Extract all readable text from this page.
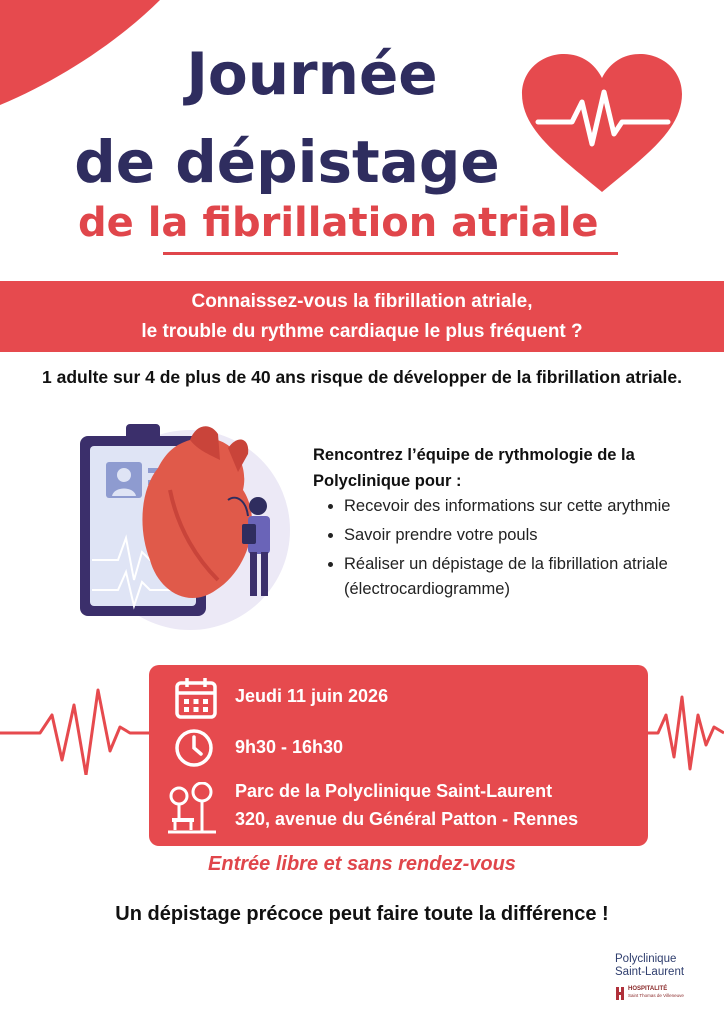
Journée
de dépistage
de la fibrillation atriale
Connaissez-vous la fibrillation atriale,
le trouble du rythme cardiaque le plus fréquent ?
1 adulte sur 4 de plus de 40 ans risque de développer de la fibrillation atriale.
Rencontrez l’équipe de rythmologie de la Polyclinique pour :
• Recevoir des informations sur cette arythmie
• Savoir prendre votre pouls
• Réaliser un dépistage de la fibrillation atriale (électrocardiogramme)
Jeudi 11 juin 2026
9h30 - 16h30
Parc de la Polyclinique Saint-Laurent
320, avenue du Général Patton - Rennes
Entrée libre et sans rendez-vous
Un dépistage précoce peut faire toute la différence !
Polyclinique
Saint-Laurent
HOSPITALITÉ
Saint Thomas de Villeneuve
